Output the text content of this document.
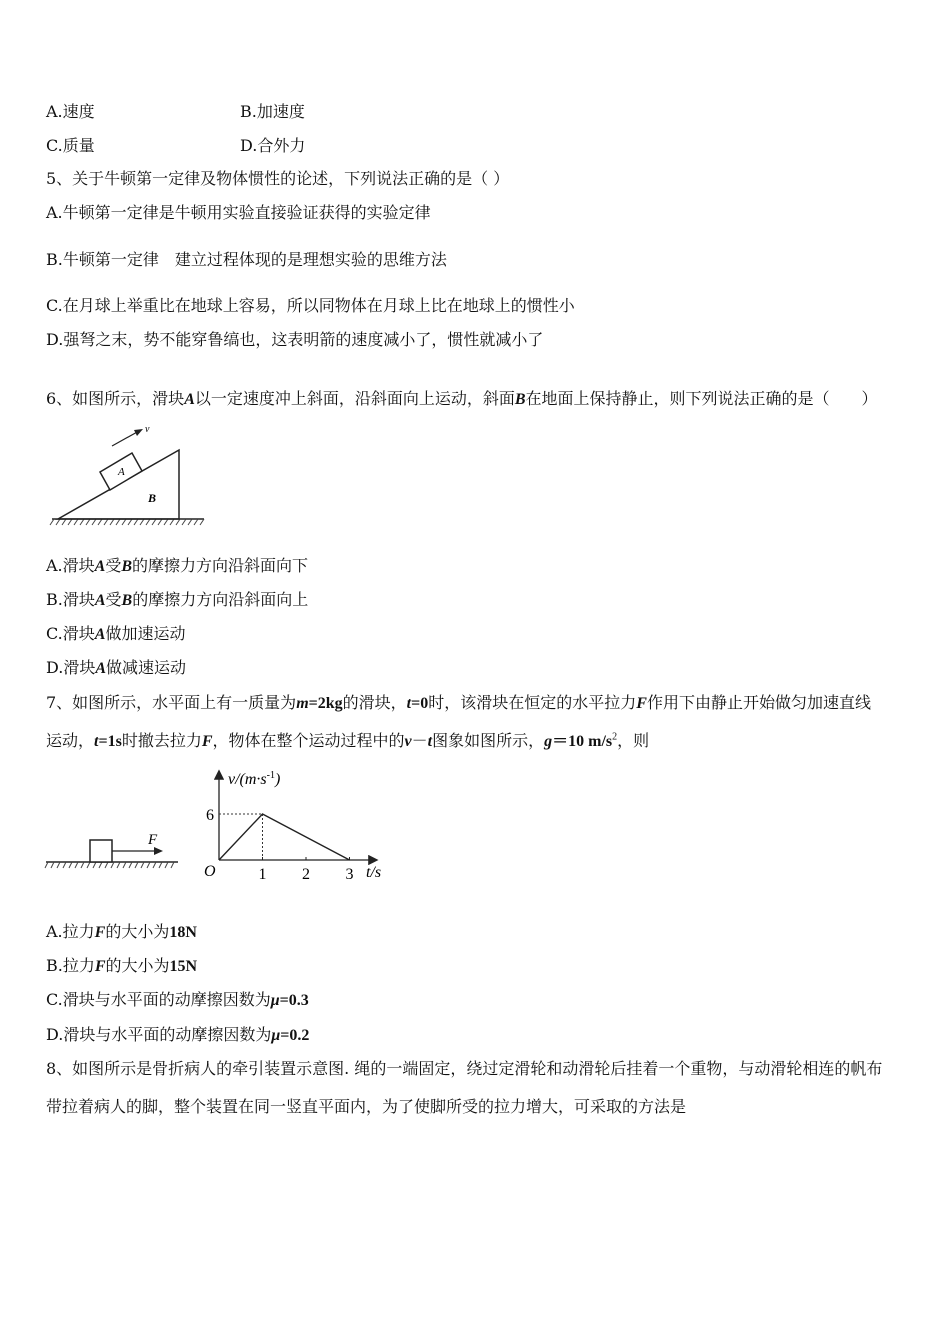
A.速度	B.加速度
C.质量	D.合外力
5、关于牛顿第一定律及物体惯性的论述，下列说法正确的是（ ）
A.牛顿第一定律是牛顿用实验直接验证获得的实验定律
B.牛顿第一定律　建立过程体现的是理想实验的思维方法
C.在月球上举重比在地球上容易，所以同物体在月球上比在地球上的惯性小
D.强弩之末，势不能穿鲁缟也，这表明箭的速度减小了，惯性就减小了
6、如图所示，滑块A以一定速度冲上斜面，沿斜面向上运动，斜面B在地面上保持静止，则下列说法正确的是（　　）
A
B
v
A.滑块A受B的摩擦力方向沿斜面向下
B.滑块A受B的摩擦力方向沿斜面向上
C.滑块A做加速运动
D.滑块A做减速运动
7、如图所示，水平面上有一质量为m=2kg的滑块，t=0时，该滑块在恒定的水平拉力F作用下由静止开始做匀加速直线
运动，t=1s时撤去拉力F，物体在整个运动过程中的v－t图象如图所示，g＝10 $m/s^2$，则
F
$v/(m\cdot s^{-1})$
t/s
O	1 2 3
6
A.拉力F的大小为18N
B.拉力F的大小为15N
C.滑块与水平面的动摩擦因数为μ=0.3
D.滑块与水平面的动摩擦因数为μ=0.2
8、如图所示是骨折病人的牵引装置示意图. 绳的一端固定，绕过定滑轮和动滑轮后挂着一个重物，与动滑轮相连的帆布
带拉着病人的脚，整个装置在同一竖直平面内，为了使脚所受的拉力增大，可采取的方法是
